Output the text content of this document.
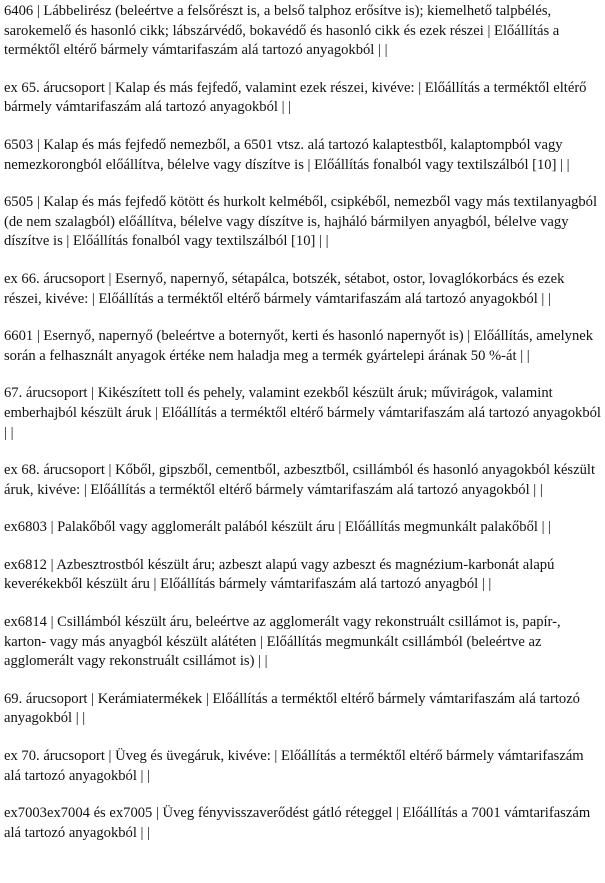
6406 | Lábbelirész (beleértve a felsőrészt is, a belső talphoz erősítve is); kiemelhető talpbélés, sarokemelő és hasonló cikk; lábszárvédő, bokavédő és hasonló cikk és ezek részei | Előállítás a terméktől eltérő bármely vámtarifaszám alá tartozó anyagokból | |

ex 65. árucsoport | Kalap és más fejfedő, valamint ezek részei, kivéve: | Előállítás a terméktől eltérő bármely vámtarifaszám alá tartozó anyagokból | |

6503 | Kalap és más fejfedő nemezből, a 6501 vtsz. alá tartozó kalaptestből, kalaptompból vagy nemezkorongból előállítva, bélelve vagy díszítve is | Előállítás fonalból vagy textilszálból [10] | |

6505 | Kalap és más fejfedő kötött és hurkolt kelméből, csipkéből, nemezből vagy más textilanyagból (de nem szalagból) előállítva, bélelve vagy díszítve is, hajháló bármilyen anyagból, bélelve vagy díszítve is | Előállítás fonalból vagy textilszálból [10] | |

ex 66. árucsoport | Esernyő, napernyő, sétapálca, botszék, sétabot, ostor, lovaglókorbács és ezek részei, kivéve: | Előállítás a terméktől eltérő bármely vámtarifaszám alá tartozó anyagokból | |

6601 | Esernyő, napernyő (beleértve a boternyőt, kerti és hasonló napernyőt is) | Előállítás, amelynek során a felhasznált anyagok értéke nem haladja meg a termék gyártelepi árának 50 %-át | |

67. árucsoport | Kikészített toll és pehely, valamint ezekből készült áruk; művirágok, valamint emberhajból készült áruk | Előállítás a terméktől eltérő bármely vámtarifaszám alá tartozó anyagokból | |

ex 68. árucsoport | Kőből, gipszből, cementből, azbesztből, csillámból és hasonló anyagokból készült áruk, kivéve: | Előállítás a terméktől eltérő bármely vámtarifaszám alá tartozó anyagokból | |

ex6803 | Palakőből vagy agglomerált palából készült áru | Előállítás megmunkált palakőből | |

ex6812 | Azbesztrostból készült áru; azbeszt alapú vagy azbeszt és magnézium-karbonát alapú keverékekből készült áru | Előállítás bármely vámtarifaszám alá tartozó anyagból | |

ex6814 | Csillámból készült áru, beleértve az agglomerált vagy rekonstruált csillámot is, papír-, karton- vagy más anyagból készült alátéten | Előállítás megmunkált csillámból (beleértve az agglomerált vagy rekonstruált csillámot is) | |

69. árucsoport | Kerámiatermékek | Előállítás a terméktől eltérő bármely vámtarifaszám alá tartozó anyagokból | |

ex 70. árucsoport | Üveg és üvegáruk, kivéve: | Előállítás a terméktől eltérő bármely vámtarifaszám alá tartozó anyagokból | |

ex7003ex7004 és ex7005 | Üveg fényvisszaverődést gátló réteggel | Előállítás a 7001 vámtarifaszám alá tartozó anyagokból | |
